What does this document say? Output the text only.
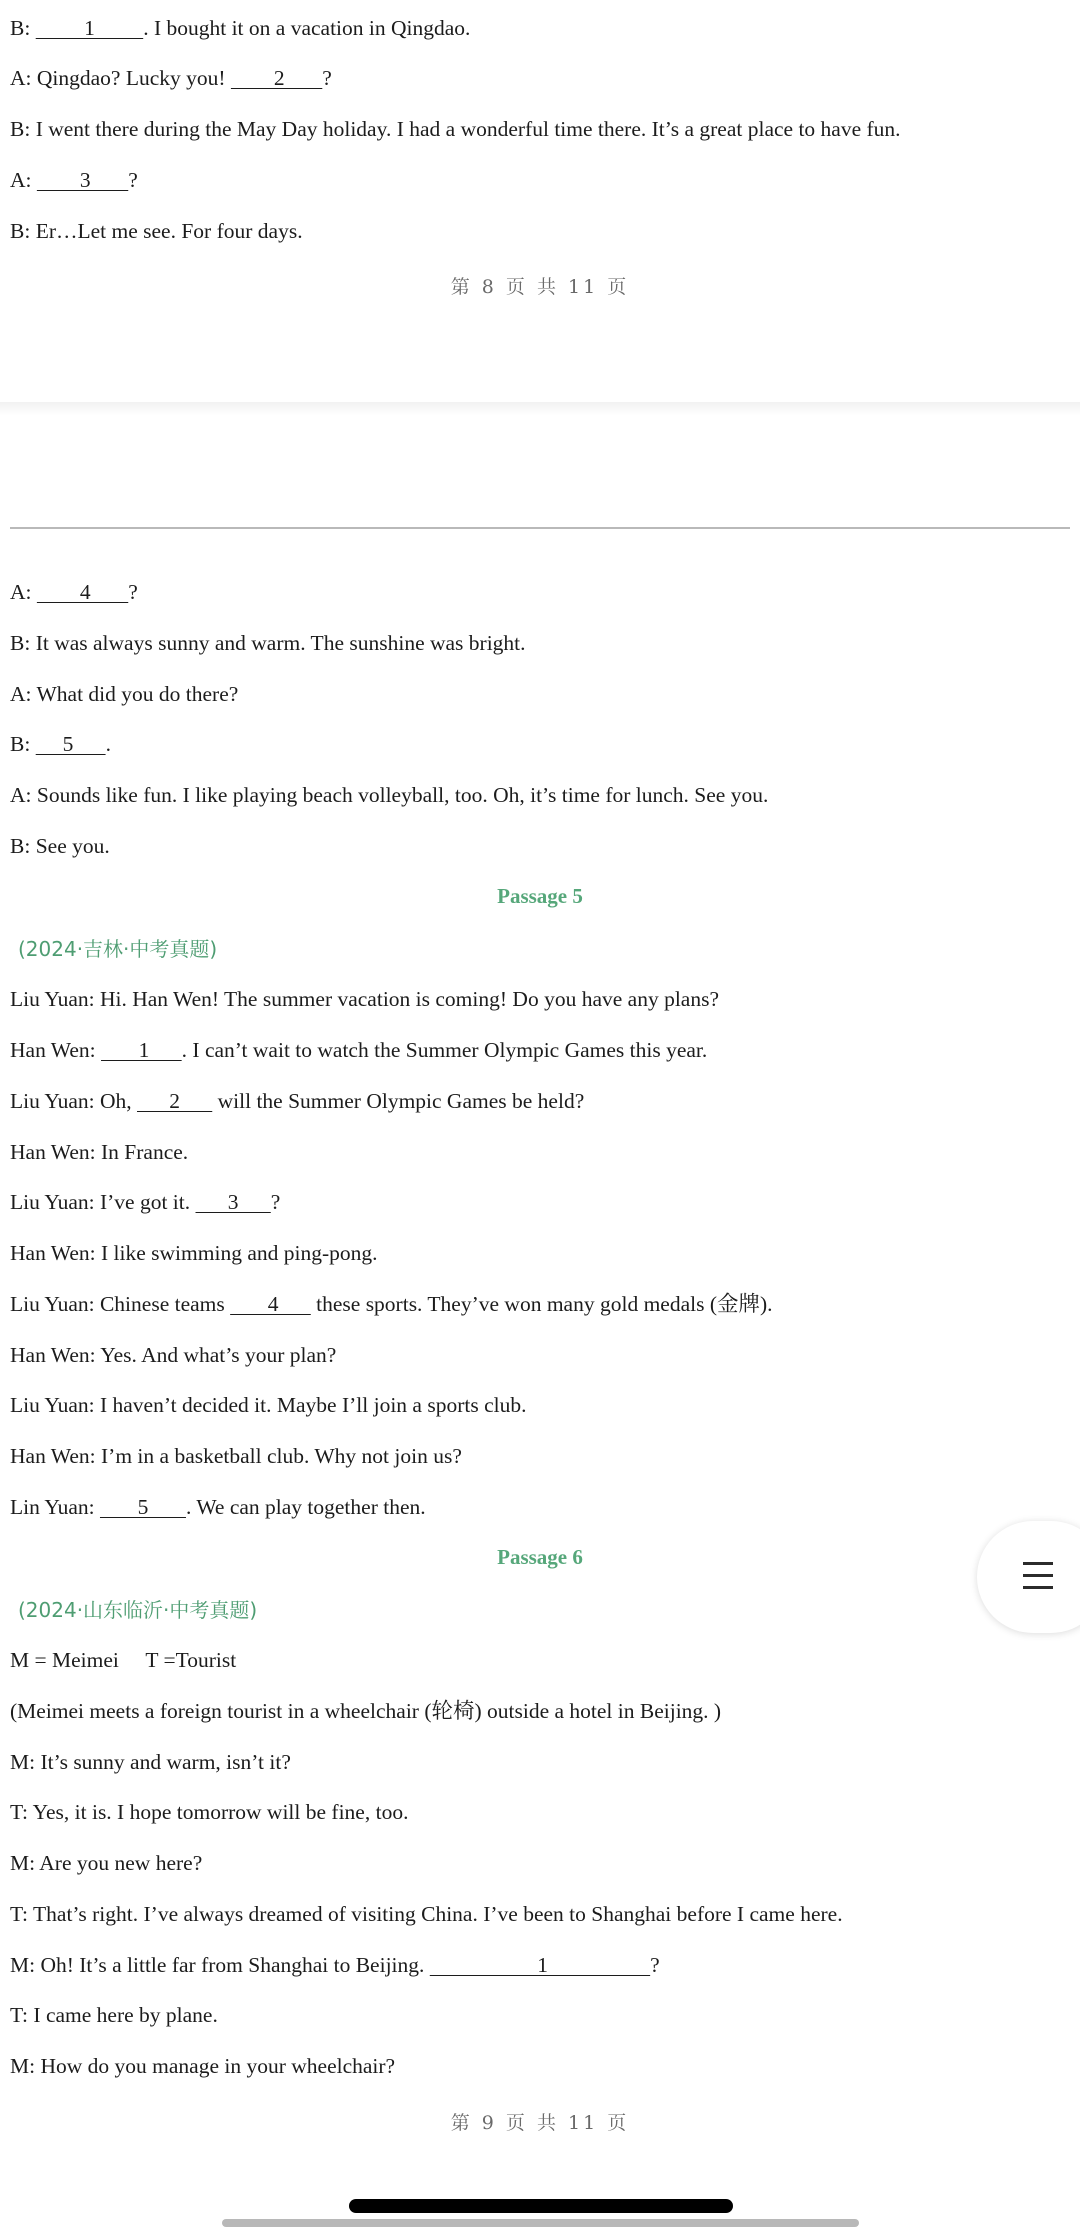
B:          1         . I bought it on a vacation in Qingdao.

A: Qingdao? Lucky you!         2       ?

B: I went there during the May Day holiday. I had a wonderful time there. It’s a great place to have fun.

A:         3       ?

B: Er…Let me see. For four days.

第 8 页 共 11 页

A:         4       ?

B: It was always sunny and warm. The sunshine was bright.

A: What did you do there?

B:      5      .

A: Sounds like fun. I like playing beach volleyball, too. Oh, it’s time for lunch. See you.

B: See you.

Passage 5
(2024·吉林·中考真题)

Liu Yuan: Hi. Han Wen! The summer vacation is coming! Do you have any plans?

Han Wen:        1      . I can’t wait to watch the Summer Olympic Games this year.

Liu Yuan: Oh,       2       will the Summer Olympic Games be held?

Han Wen: In France.

Liu Yuan: I’ve got it.       3      ?

Han Wen: I like swimming and ping-pong.

Liu Yuan: Chinese teams        4       these sports. They’ve won many gold medals (金牌).

Han Wen: Yes. And what’s your plan?

Liu Yuan: I haven’t decided it. Maybe I’ll join a sports club.

Han Wen: I’m in a basketball club. Why not join us?

Lin Yuan:        5       . We can play together then.

Passage 6
(2024·山东临沂·中考真题)

M = Meimei     T =Tourist

(Meimei meets a foreign tourist in a wheelchair (轮椅) outside a hotel in Beijing. )

M: It’s sunny and warm, isn’t it?

T: Yes, it is. I hope tomorrow will be fine, too.

M: Are you new here?

T: That’s right. I’ve always dreamed of visiting China. I’ve been to Shanghai before I came here.

M: Oh! It’s a little far from Shanghai to Beijing.                     1                   ?

T: I came here by plane.

M: How do you manage in your wheelchair?

第 9 页 共 11 页
